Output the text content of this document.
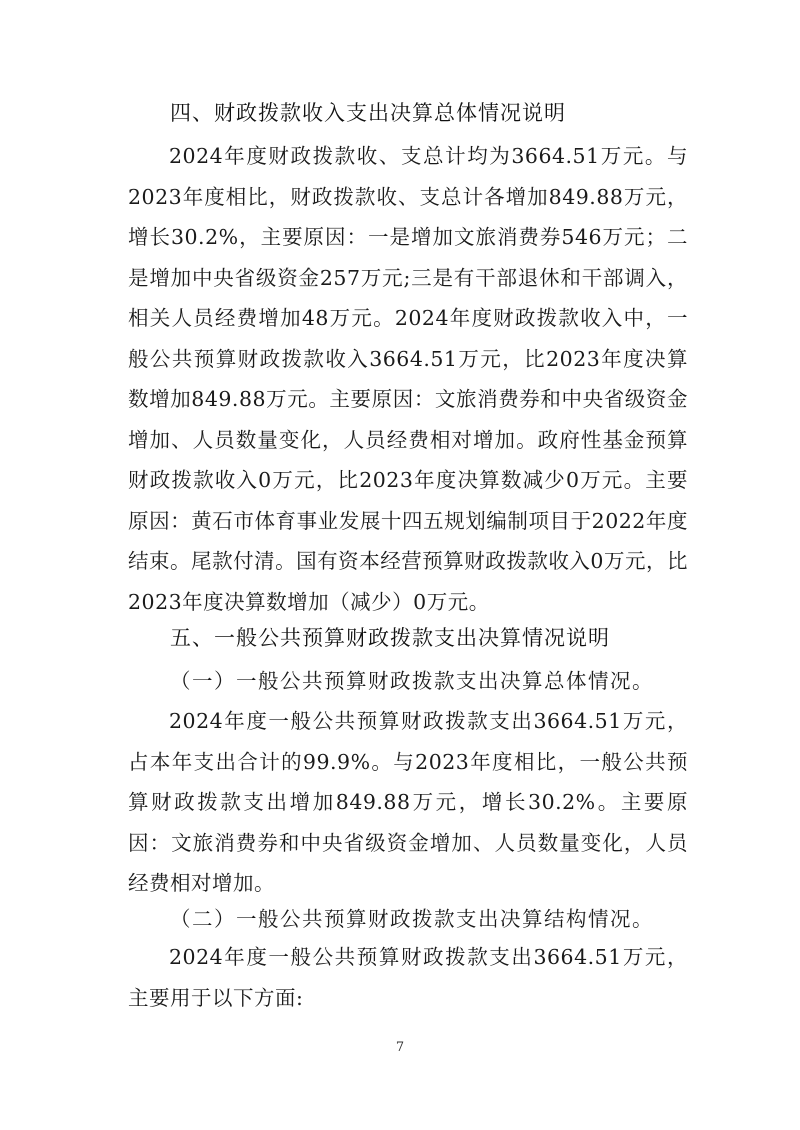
四、财政拨款收入支出决算总体情况说明
2024年度财政拨款收、支总计均为3664.51万元。与2023年度相比，财政拨款收、支总计各增加849.88万元，增长30.2%，主要原因：一是增加文旅消费券546万元；二是增加中央省级资金257万元;三是有干部退休和干部调入，相关人员经费增加48万元。2024年度财政拨款收入中，一般公共预算财政拨款收入3664.51万元，比2023年度决算数增加849.88万元。主要原因：文旅消费券和中央省级资金增加、人员数量变化，人员经费相对增加。政府性基金预算财政拨款收入0万元，比2023年度决算数减少0万元。主要原因：黄石市体育事业发展十四五规划编制项目于2022年度结束。尾款付清。国有资本经营预算财政拨款收入0万元，比2023年度决算数增加（减少）0万元。
五、一般公共预算财政拨款支出决算情况说明
（一）一般公共预算财政拨款支出决算总体情况。
2024年度一般公共预算财政拨款支出3664.51万元，占本年支出合计的99.9%。与2023年度相比，一般公共预算财政拨款支出增加849.88万元，增长30.2%。主要原因：文旅消费券和中央省级资金增加、人员数量变化，人员经费相对增加。
（二）一般公共预算财政拨款支出决算结构情况。
2024年度一般公共预算财政拨款支出3664.51万元，主要用于以下方面:
7
